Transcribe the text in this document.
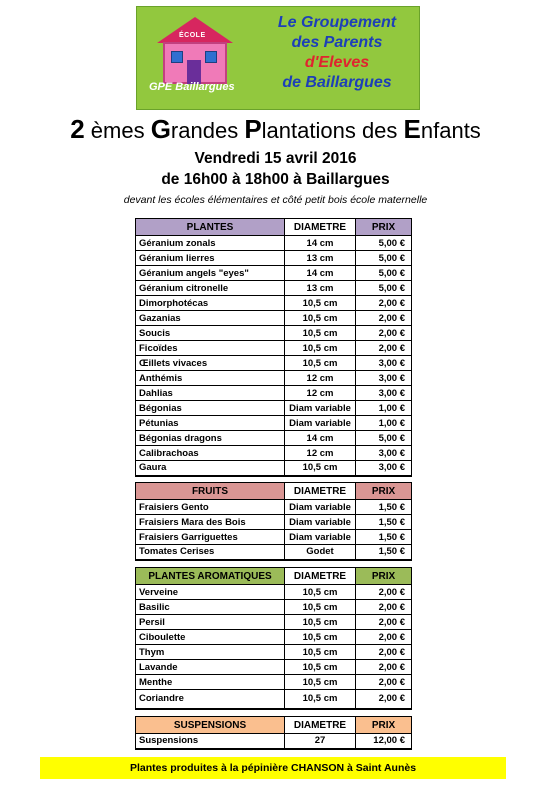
ÉCOLE
GPE Baillargues
Le Groupement
des Parents
d'Eleves
de Baillargues
2 èmes Grandes Plantations des Enfants
Vendredi 15 avril 2016
de 16h00 à 18h00 à Baillargues
devant les écoles élémentaires et côté petit bois école maternelle
PLANTES	DIAMETRE	PRIX
Géranium zonals	14 cm	5,00 €
Géranium lierres	13 cm	5,00 €
Géranium angels "eyes"	14 cm	5,00 €
Géranium citronelle	13 cm	5,00 €
Dimorphotécas	10,5 cm	2,00 €
Gazanias	10,5 cm	2,00 €
Soucis	10,5 cm	2,00 €
Ficoïdes	10,5 cm	2,00 €
Œillets vivaces	10,5 cm	3,00 €
Anthémis	12 cm	3,00 €
Dahlias	12 cm	3,00 €
Bégonias	Diam variable	1,00 €
Pétunias	Diam variable	1,00 €
Bégonias dragons	14 cm	5,00 €
Calibrachoas	12 cm	3,00 €
Gaura	10,5 cm	3,00 €
FRUITS	DIAMETRE	PRIX
Fraisiers Gento	Diam variable	1,50 €
Fraisiers Mara des Bois	Diam variable	1,50 €
Fraisiers Garriguettes	Diam variable	1,50 €
Tomates Cerises	Godet	1,50 €
PLANTES AROMATIQUES	DIAMETRE	PRIX
Verveine	10,5 cm	2,00 €
Basilic	10,5 cm	2,00 €
Persil	10,5 cm	2,00 €
Ciboulette	10,5 cm	2,00 €
Thym	10,5 cm	2,00 €
Lavande	10,5 cm	2,00 €
Menthe	10,5 cm	2,00 €
Coriandre	10,5 cm	2,00 €
SUSPENSIONS	DIAMETRE	PRIX
Suspensions	27	12,00 €
Plantes produites à la pépinière CHANSON à Saint Aunès
